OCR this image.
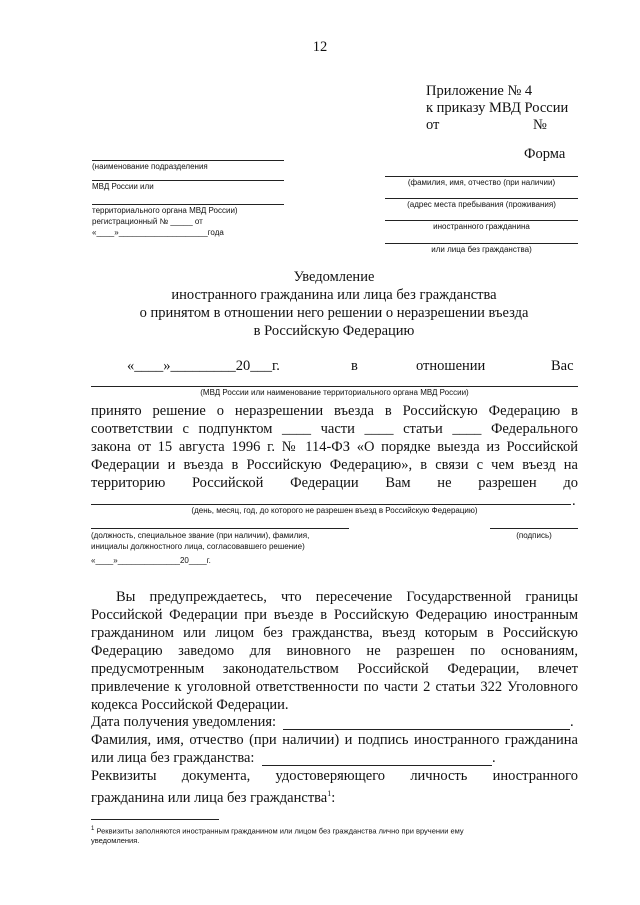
12
Приложение № 4
к приказу МВД России
от	№
Форма
(наименование подразделения
МВД России или
территориального органа МВД России)
регистрационный № _____ от
«____»____________________года
(фамилия, имя, отчество (при наличии)
(адрес места пребывания (проживания)
иностранного гражданина
или лица без гражданства)
Уведомление
иностранного гражданина или лица без гражданства
о принятом в отношении него решении о неразрешении въезда
в Российскую Федерацию
«____»_________20___г.	в	отношении	Вас
(МВД России или наименование территориального органа МВД России)
принято решение о неразрешении въезда в Российскую Федерацию в
соответствии с подпунктом ____ части ____ статьи ____ Федерального
закона от 15 августа 1996 г. № 114-ФЗ «О порядке выезда из Российской
Федерации и въезда в Российскую Федерацию», в связи с чем въезд на
территорию Российской Федерации Вам не разрешен до
.
(день, месяц, год, до которого не разрешен въезд в Российскую Федерацию)
(должность, специальное звание (при наличии), фамилия,
инициалы должностного лица, согласовавшего решение)
(подпись)
«____»______________20____г.
Вы предупреждаетесь, что пересечение Государственной границы
Российской Федерации при въезде в Российскую Федерацию иностранным
гражданином или лицом без гражданства, въезд которым в Российскую
Федерацию заведомо для виновного не разрешен по основаниям,
предусмотренным законодательством Российской Федерации, влечет
привлечение к уголовной ответственности по части 2 статьи 322 Уголовного
кодекса Российской Федерации.
Дата получения уведомления:	.
Фамилия, имя, отчество (при наличии) и подпись иностранного гражданина
или лица без гражданства:	.
Реквизиты документа, удостоверяющего личность иностранного
гражданина или лица без гражданства$^1$:
$^1$ Реквизиты заполняются иностранным гражданином или лицом без гражданства лично при вручении ему
уведомления.
